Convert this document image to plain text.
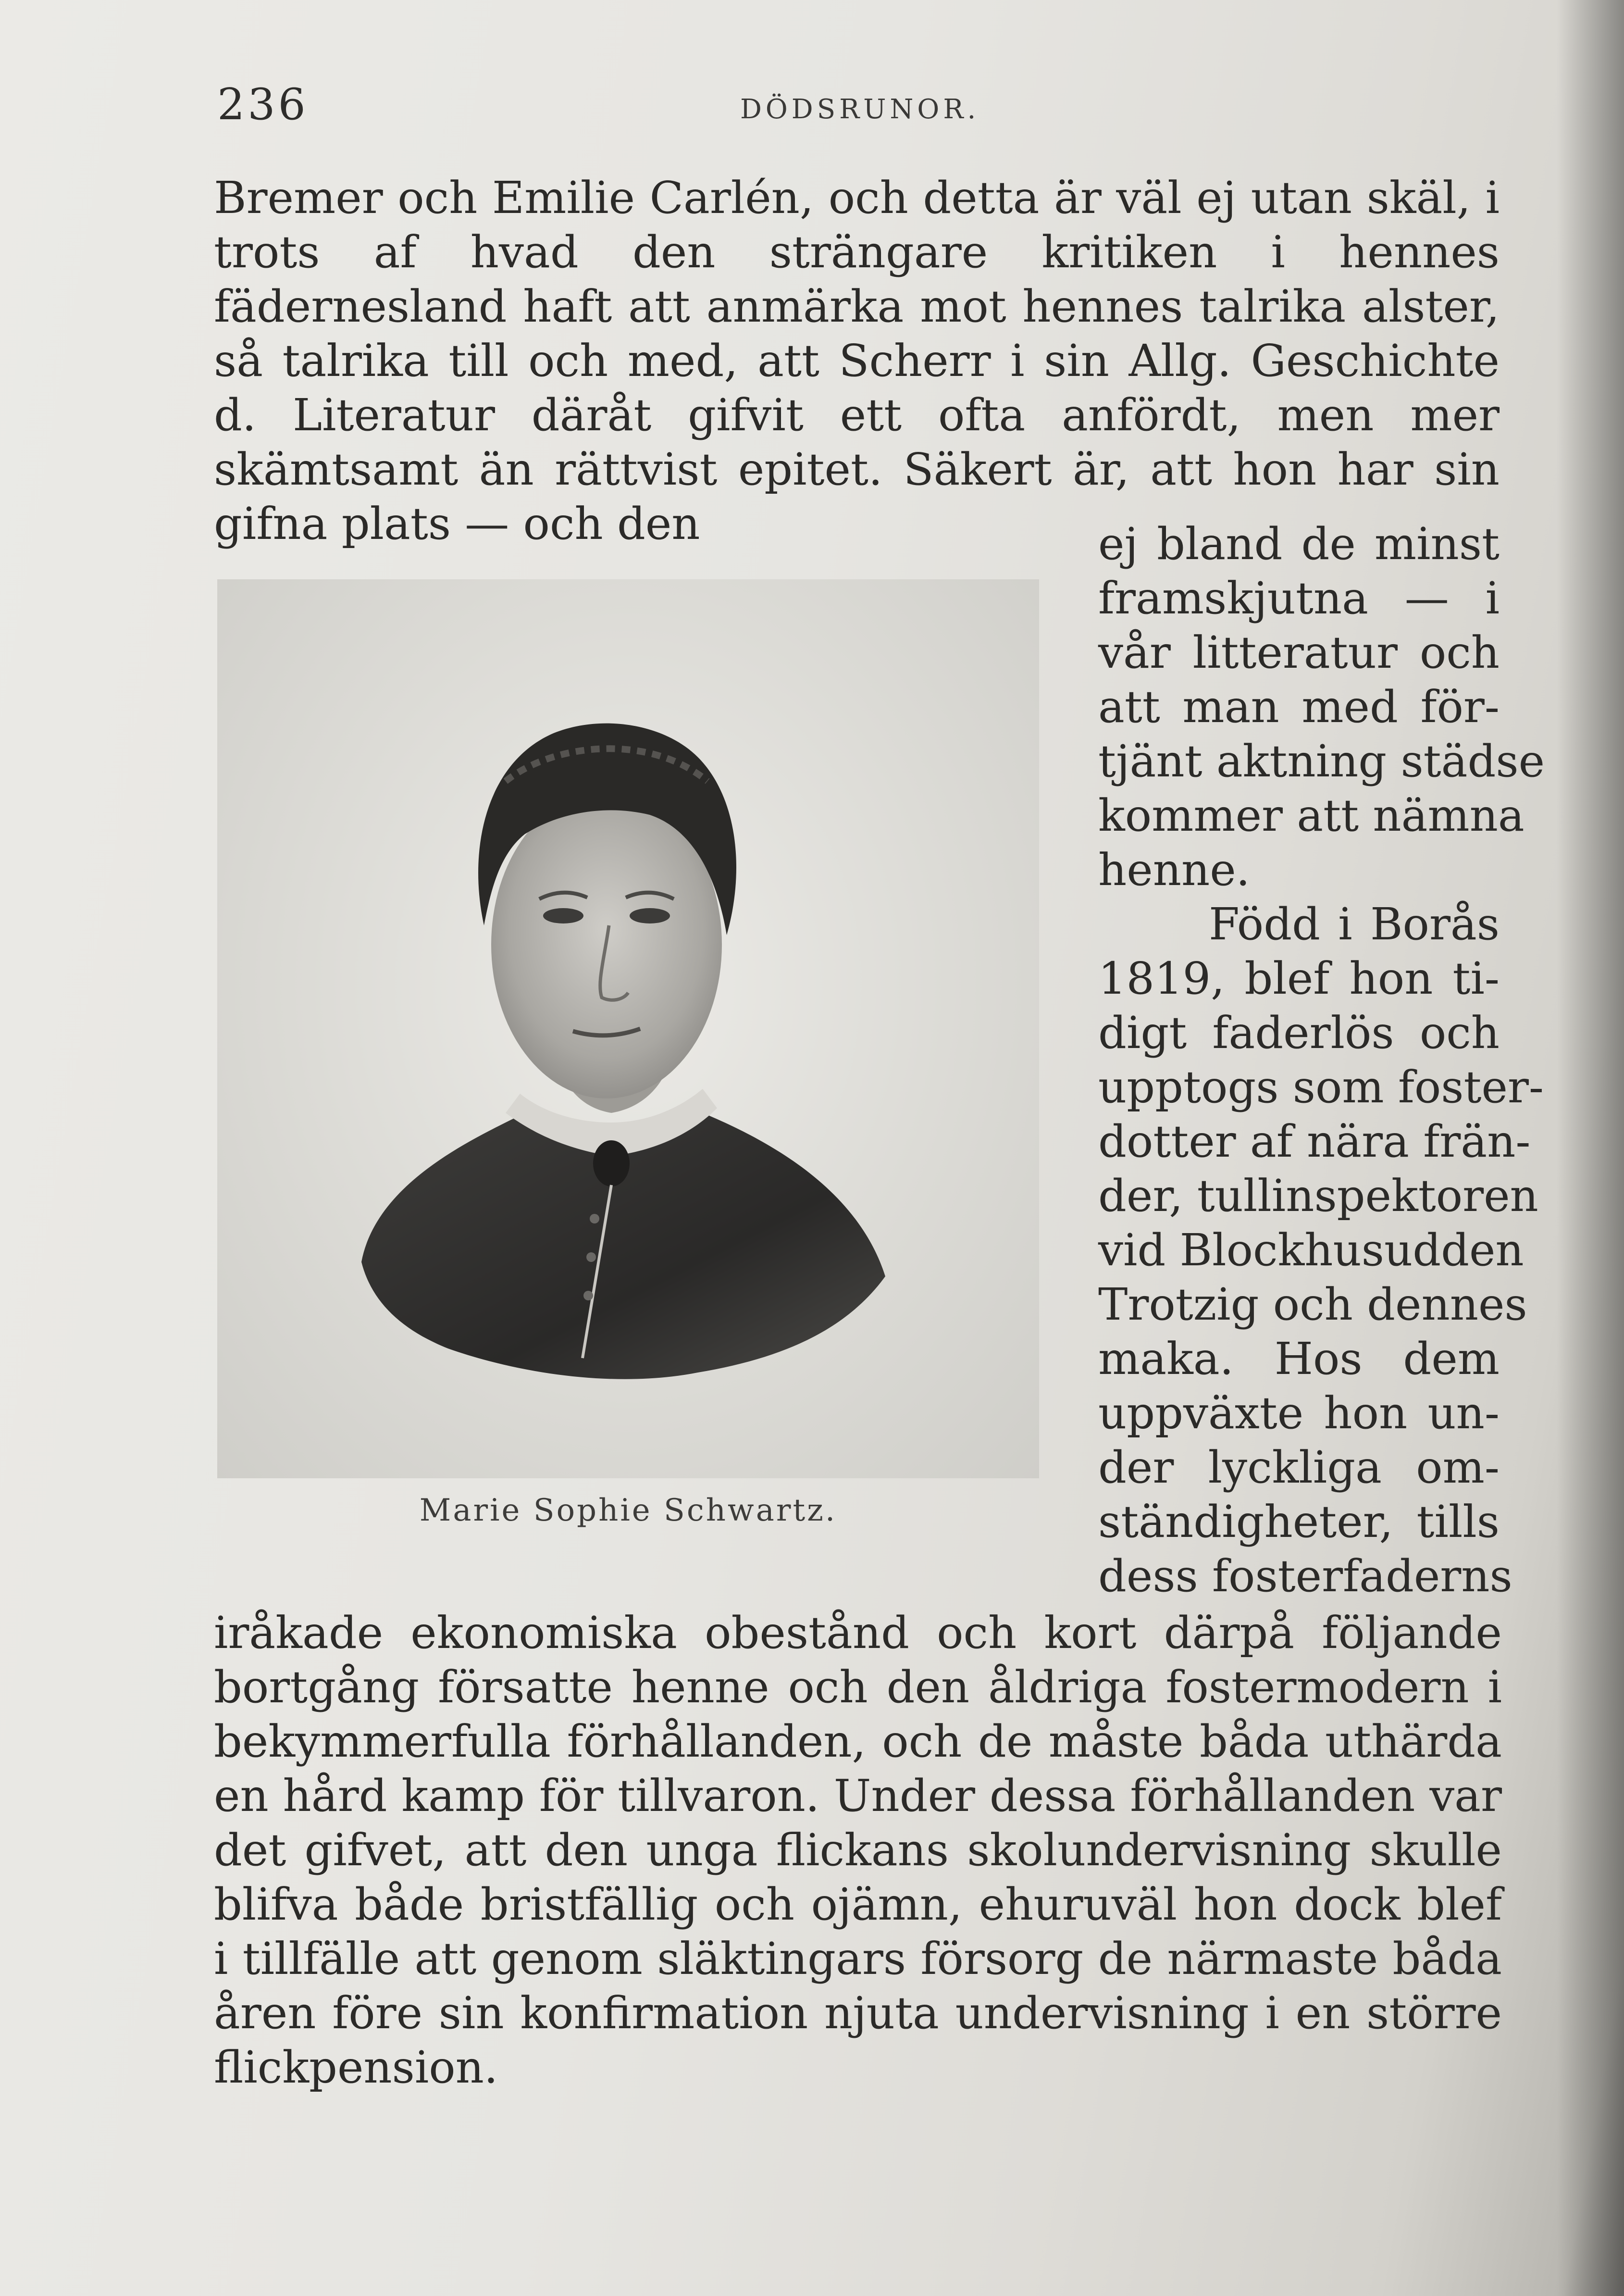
236	DÖDSRUNOR.
Bremer och Emilie Carlén, och detta är väl ej utan skäl, i trots af hvad den strängare kritiken i hennes fädernesland haft att anmärka mot hennes talrika alster, så talrika till och med, att Scherr i sin Allg. Geschichte d. Literatur däråt gifvit ett ofta anfördt, men mer skämtsamt än rättvist epitet. Säkert är, att hon har sin gifna plats — och den
Marie Sophie Schwartz.
ej bland de minst
framskjutna — i
vår litteratur och
att man med för-
tjänt aktning städse
kommer att nämna
henne.
Född i Borås
1819, blef hon ti-
digt faderlös och
upptogs som foster-
dotter af nära frän-
der, tullinspektoren
vid Blockhusudden
Trotzig och dennes
maka. Hos dem
uppväxte hon un-
der lyckliga om-
ständigheter, tills
dess fosterfaderns
iråkade ekonomiska obestånd och kort därpå följande bortgång försatte henne och den åldriga fostermodern i bekymmerfulla förhållanden, och de måste båda uthärda en hård kamp för tillvaron. Under dessa förhållanden var det gifvet, att den unga flickans skolundervisning skulle blifva både bristfällig och ojämn, ehuruväl hon dock blef i tillfälle att genom släktingars försorg de närmaste båda åren före sin konfirmation njuta undervisning i en större flickpension.
